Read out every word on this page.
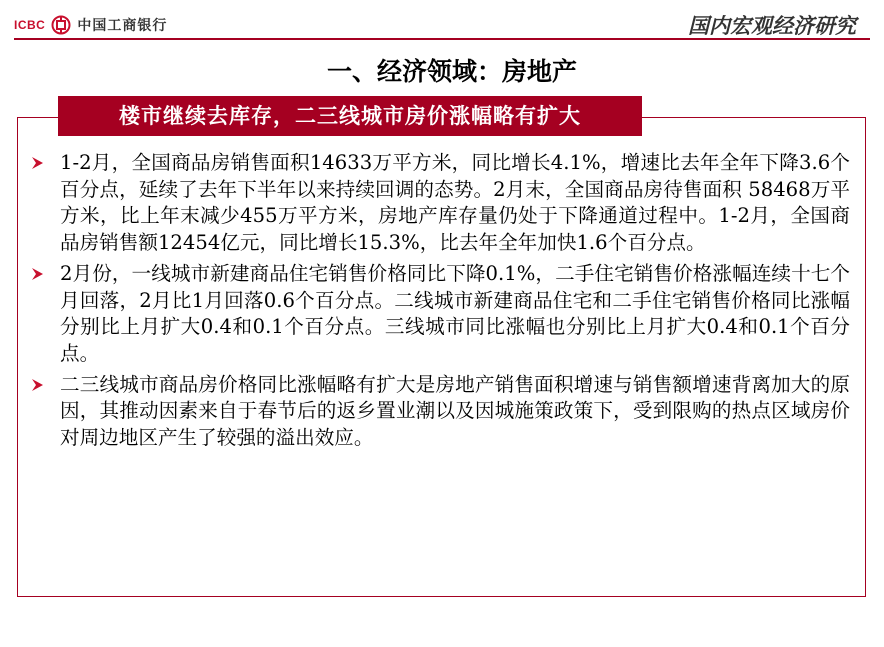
ICBC 中国工商银行	国内宏观经济研究
一、经济领域：房地产
楼市继续去库存，二三线城市房价涨幅略有扩大
1-2月，全国商品房销售面积14633万平方米，同比增长4.1%，增速比去年全年下降3.6个百分点，延续了去年下半年以来持续回调的态势。2月末，全国商品房待售面积 58468万平方米，比上年末减少455万平方米，房地产库存量仍处于下降通道过程中。1-2月，全国商品房销售额12454亿元，同比增长15.3%，比去年全年加快1.6个百分点。
2月份，一线城市新建商品住宅销售价格同比下降0.1%，二手住宅销售价格涨幅连续十七个月回落，2月比1月回落0.6个百分点。二线城市新建商品住宅和二手住宅销售价格同比涨幅分别比上月扩大0.4和0.1个百分点。三线城市同比涨幅也分别比上月扩大0.4和0.1个百分点。
二三线城市商品房价格同比涨幅略有扩大是房地产销售面积增速与销售额增速背离加大的原因，其推动因素来自于春节后的返乡置业潮以及因城施策政策下，受到限购的热点区域房价对周边地区产生了较强的溢出效应。
